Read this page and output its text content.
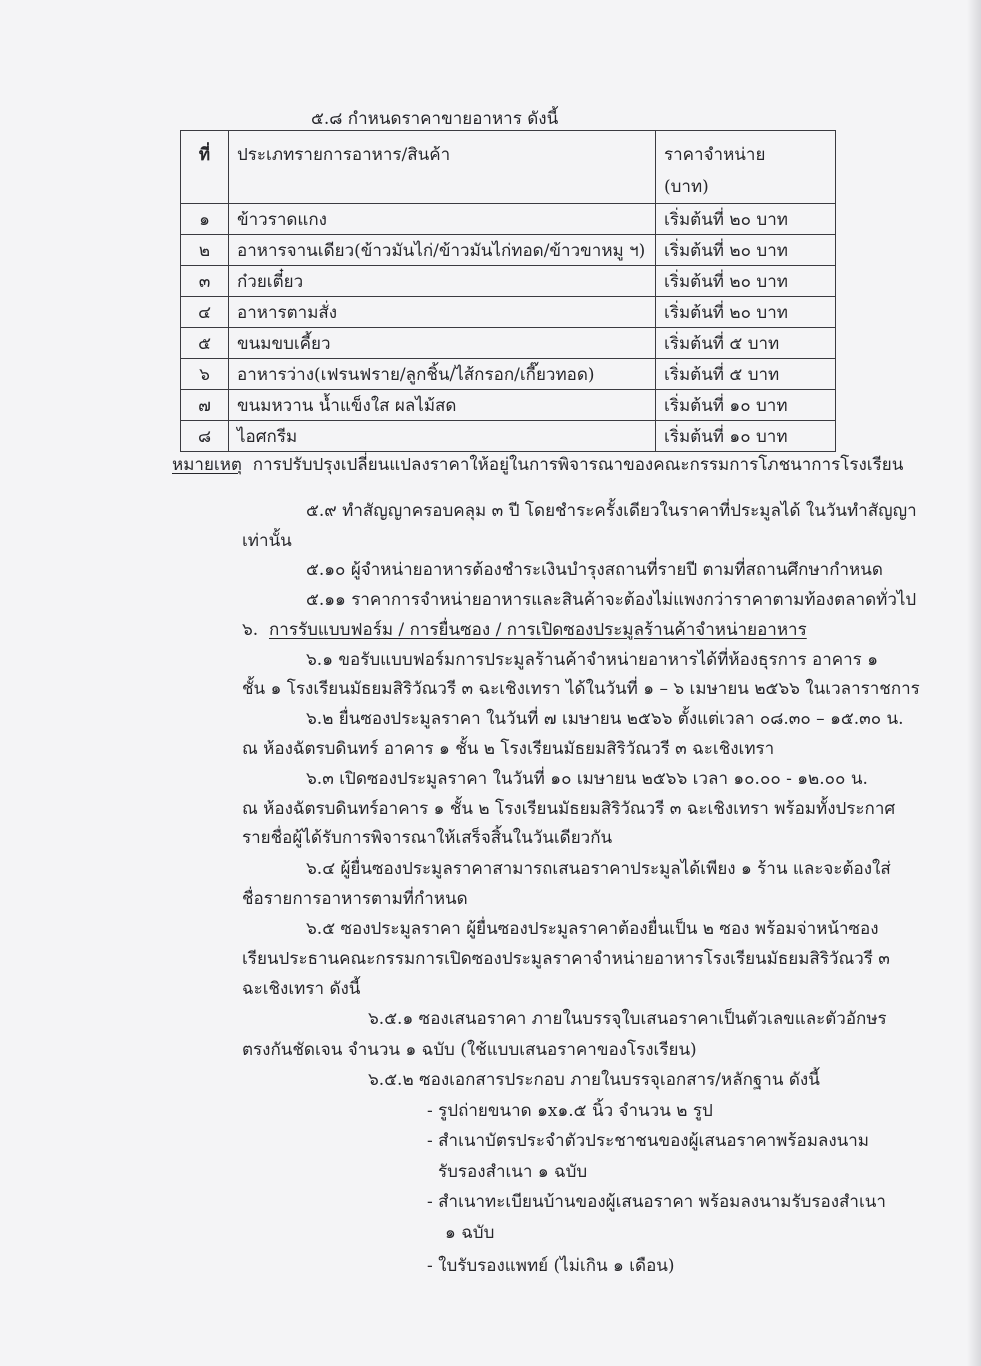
๕.๘ กำหนดราคาขายอาหาร ดังนี้
ที่	ประเภทรายการอาหาร/สินค้า	ราคาจำหน่าย
(บาท)
๑	ข้าวราดแกง	เริ่มต้นที่ ๒๐ บาท
๒	อาหารจานเดียว(ข้าวมันไก่/ข้าวมันไก่ทอด/ข้าวขาหมู ฯ)	เริ่มต้นที่ ๒๐ บาท
๓	ก๋วยเตี๋ยว	เริ่มต้นที่ ๒๐ บาท
๔	อาหารตามสั่ง	เริ่มต้นที่ ๒๐ บาท
๕	ขนมขบเคี้ยว	เริ่มต้นที่ ๕ บาท
๖	อาหารว่าง(เฟรนฟราย/ลูกชิ้น/ไส้กรอก/เกี๊ยวทอด)	เริ่มต้นที่ ๕ บาท
๗	ขนมหวาน น้ำแข็งใส ผลไม้สด	เริ่มต้นที่ ๑๐ บาท
๘	ไอศกรีม	เริ่มต้นที่ ๑๐ บาท
หมายเหตุ การปรับปรุงเปลี่ยนแปลงราคาให้อยู่ในการพิจารณาของคณะกรรมการโภชนาการโรงเรียน
๕.๙ ทำสัญญาครอบคลุม ๓ ปี โดยชำระครั้งเดียวในราคาที่ประมูลได้ ในวันทำสัญญา
เท่านั้น
๕.๑๐ ผู้จำหน่ายอาหารต้องชำระเงินบำรุงสถานที่รายปี ตามที่สถานศึกษากำหนด
๕.๑๑ ราคาการจำหน่ายอาหารและสินค้าจะต้องไม่แพงกว่าราคาตามท้องตลาดทั่วไป
๖. การรับแบบฟอร์ม / การยื่นซอง / การเปิดซองประมูลร้านค้าจำหน่ายอาหาร
๖.๑ ขอรับแบบฟอร์มการประมูลร้านค้าจำหน่ายอาหารได้ที่ห้องธุรการ อาคาร ๑
ชั้น ๑ โรงเรียนมัธยมสิริวัณวรี ๓ ฉะเชิงเทรา ได้ในวันที่ ๑ – ๖ เมษายน ๒๕๖๖ ในเวลาราชการ
๖.๒ ยื่นซองประมูลราคา ในวันที่ ๗ เมษายน ๒๕๖๖ ตั้งแต่เวลา ๐๘.๓๐ – ๑๕.๓๐ น.
ณ ห้องฉัตรบดินทร์ อาคาร ๑ ชั้น ๒ โรงเรียนมัธยมสิริวัณวรี ๓ ฉะเชิงเทรา
๖.๓ เปิดซองประมูลราคา ในวันที่ ๑๐ เมษายน ๒๕๖๖ เวลา ๑๐.๐๐ - ๑๒.๐๐ น.
ณ ห้องฉัตรบดินทร์อาคาร ๑ ชั้น ๒ โรงเรียนมัธยมสิริวัณวรี ๓ ฉะเชิงเทรา พร้อมทั้งประกาศ
รายชื่อผู้ได้รับการพิจารณาให้เสร็จสิ้นในวันเดียวกัน
๖.๔ ผู้ยื่นซองประมูลราคาสามารถเสนอราคาประมูลได้เพียง ๑ ร้าน และจะต้องใส่
ชื่อรายการอาหารตามที่กำหนด
๖.๕ ซองประมูลราคา ผู้ยื่นซองประมูลราคาต้องยื่นเป็น ๒ ซอง พร้อมจ่าหน้าซอง
เรียนประธานคณะกรรมการเปิดซองประมูลราคาจำหน่ายอาหารโรงเรียนมัธยมสิริวัณวรี ๓
ฉะเชิงเทรา ดังนี้
๖.๕.๑ ซองเสนอราคา ภายในบรรจุใบเสนอราคาเป็นตัวเลขและตัวอักษร
ตรงกันชัดเจน จำนวน ๑ ฉบับ (ใช้แบบเสนอราคาของโรงเรียน)
๖.๕.๒ ซองเอกสารประกอบ ภายในบรรจุเอกสาร/หลักฐาน ดังนี้
- รูปถ่ายขนาด ๑x๑.๕ นิ้ว จำนวน ๒ รูป
- สำเนาบัตรประจำตัวประชาชนของผู้เสนอราคาพร้อมลงนาม
รับรองสำเนา ๑ ฉบับ
- สำเนาทะเบียนบ้านของผู้เสนอราคา พร้อมลงนามรับรองสำเนา
๑ ฉบับ
- ใบรับรองแพทย์ (ไม่เกิน ๑ เดือน)
